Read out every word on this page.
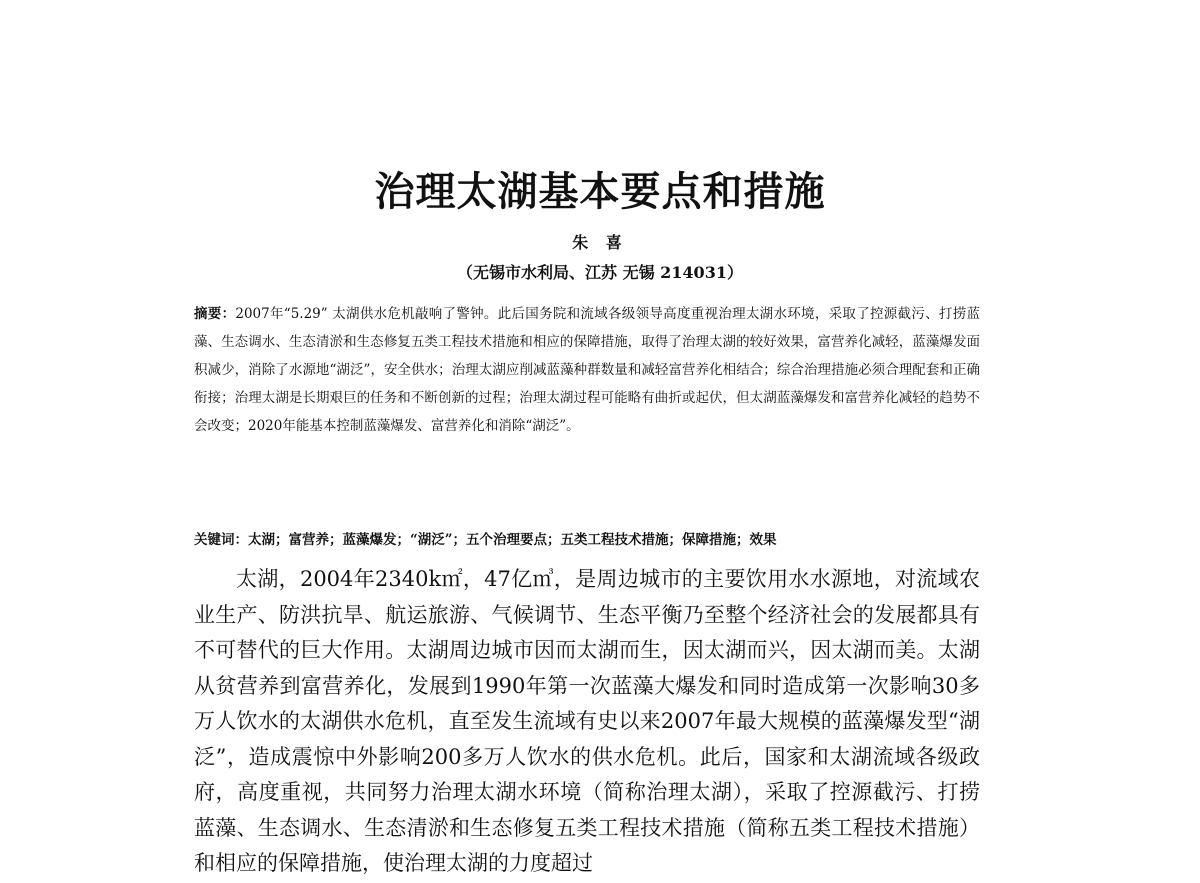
治理太湖基本要点和措施
朱 喜
（无锡市水利局、江苏 无锡 214031）

摘要：2007年“5.29” 太湖供水危机敲响了警钟。此后国务院和流域各级领导高度重视治理太湖水环境，采取了控源截污、打捞蓝藻、生态调水、生态清淤和生态修复五类工程技术措施和相应的保障措施，取得了治理太湖的较好效果，富营养化减轻，蓝藻爆发面积减少，消除了水源地“湖泛”，安全供水；治理太湖应削减蓝藻种群数量和减轻富营养化相结合；综合治理措施必须合理配套和正确衔接；治理太湖是长期艰巨的任务和不断创新的过程；治理太湖过程可能略有曲折或起伏，但太湖蓝藻爆发和富营养化减轻的趋势不会改变；2020年能基本控制蓝藻爆发、富营养化和消除“湖泛”。

关键词：太湖；富营养；蓝藻爆发；“湖泛”；五个治理要点；五类工程技术措施；保障措施；效果

太湖，2004年2340k㎡，47亿㎥，是周边城市的主要饮用水水源地，对流域农业生产、防洪抗旱、航运旅游、气候调节、生态平衡乃至整个经济社会的发展都具有不可替代的巨大作用。太湖周边城市因而太湖而生，因太湖而兴，因太湖而美。太湖从贫营养到富营养化，发展到1990年第一次蓝藻大爆发和同时造成第一次影响30多万人饮水的太湖供水危机，直至发生流域有史以来2007年最大规模的蓝藻爆发型“湖泛”，造成震惊中外影响200多万人饮水的供水危机。此后，国家和太湖流域各级政府，高度重视，共同努力治理太湖水环境（简称治理太湖），采取了控源截污、打捞蓝藻、生态调水、生态清淤和生态修复五类工程技术措施（简称五类工程技术措施）和相应的保障措施，使治理太湖的力度超过
